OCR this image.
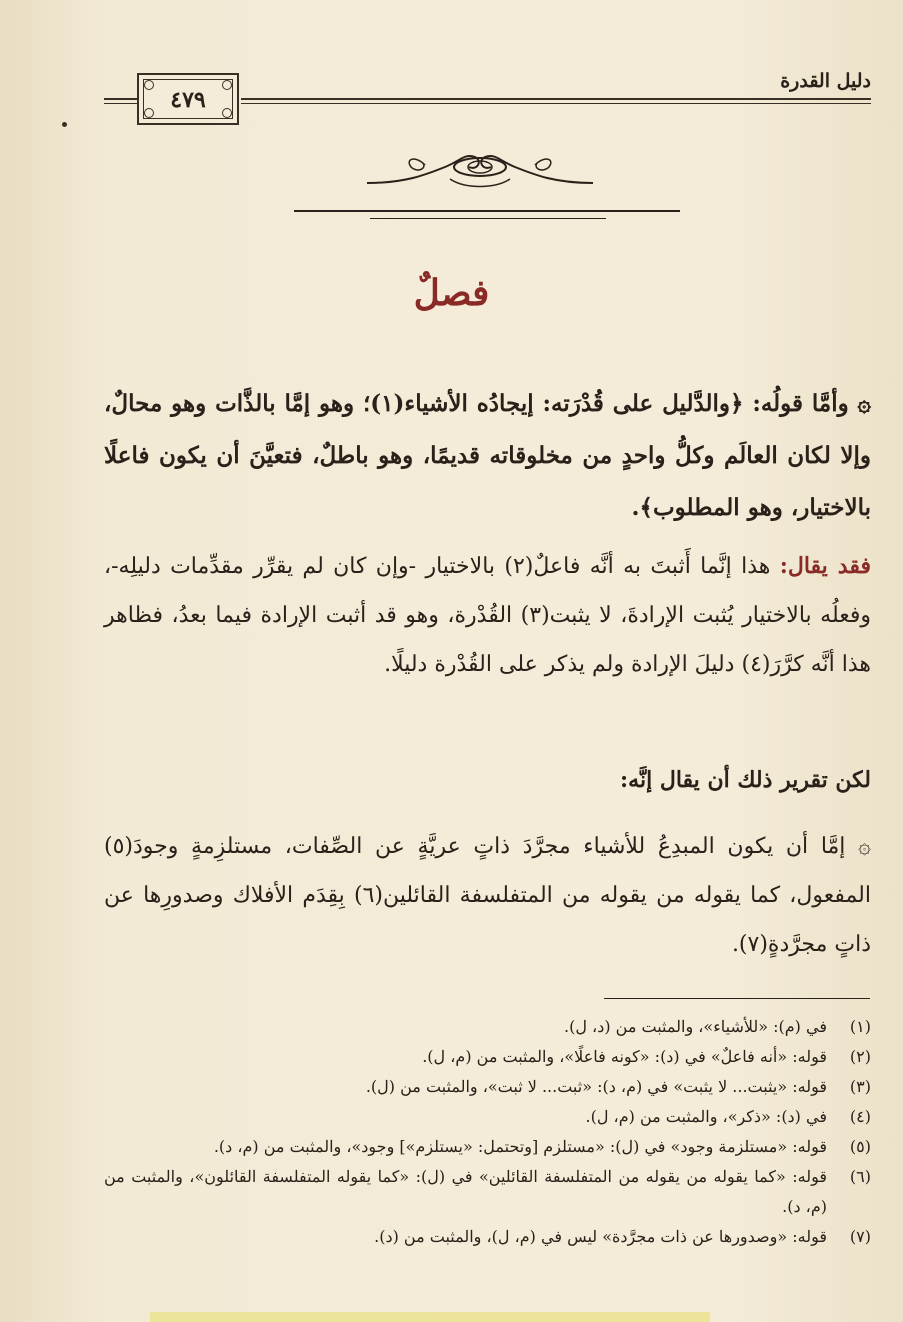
دليل القدرة
٤٧٩
فصلٌ
۞ وأمَّا قولُه: ﴿والدَّليل على قُدْرَته: إيجادُه الأشياء(١)؛ وهو إمَّا بالذَّات وهو محالٌ، وإلا لكان العالَم وكلُّ واحدٍ من مخلوقاته قديمًا، وهو باطلٌ، فتعيَّنَ أن يكون فاعلًا بالاختيار، وهو المطلوب﴾.
فقد يقال: هذا إنَّما أَثبتَ به أنَّه فاعلٌ(٢) بالاختيار -وإن كان لم يقرِّر مقدِّمات دليلِه-، وفعلُه بالاختيار يُثبت الإرادةَ، لا يثبت(٣) القُدْرة، وهو قد أثبت الإرادة فيما بعدُ، فظاهر هذا أنَّه كرَّرَ(٤) دليلَ الإرادة ولم يذكر على القُدْرة دليلًا.
لكن تقرير ذلك أن يقال إنَّه:
۞ إمَّا أن يكون المبدِعُ للأشياء مجرَّدَ ذاتٍ عريَّةٍ عن الصِّفات، مستلزِمةٍ وجودَ(٥) المفعول، كما يقوله من يقوله من المتفلسفة القائلين(٦) بِقِدَم الأفلاك وصدورِها عن ذاتٍ مجرَّدةٍ(٧).
(١)
في (م): «للأشياء»، والمثبت من (د، ل).
(٢)
قوله: «أنه فاعلٌ» في (د): «كونه فاعلًا»، والمثبت من (م، ل).
(٣)
قوله: «يثبت... لا يثبت» في (م، د): «ثبت... لا ثبت»، والمثبت من (ل).
(٤)
في (د): «ذكر»، والمثبت من (م، ل).
(٥)
قوله: «مستلزمة وجود» في (ل): «مستلزم [وتحتمل: «يستلزم»] وجود»، والمثبت من (م، د).
(٦)
قوله: «كما يقوله من يقوله من المتفلسفة القائلين» في (ل): «كما يقوله المتفلسفة القائلون»، والمثبت من (م، د).
(٧)
قوله: «وصدورها عن ذات مجرَّدة» ليس في (م، ل)، والمثبت من (د).
